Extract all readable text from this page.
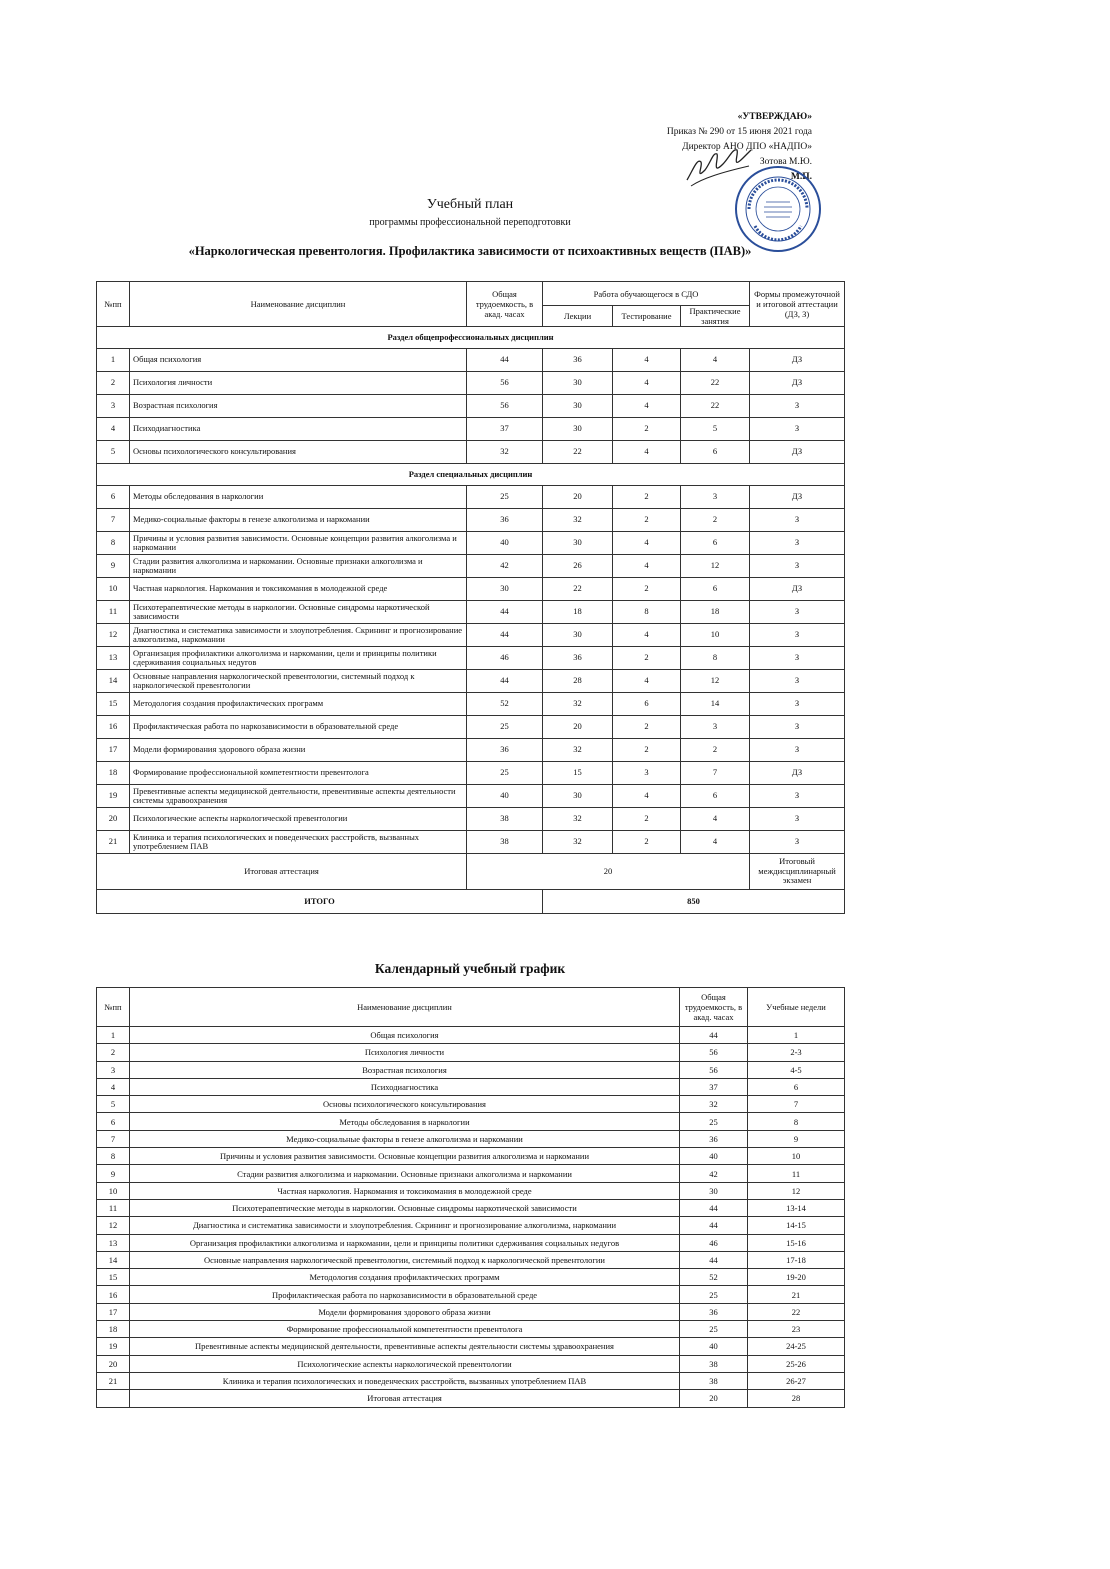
«УТВЕРЖДАЮ»
Приказ № 290 от 15 июня 2021 года
Директор АНО ДПО «НАДПО»
Зотова М.Ю.
М.П.
Учебный план
программы профессиональной переподготовки
«Наркологическая превентология. Профилактика зависимости от психоактивных веществ (ПАВ)»
№пп	Наименование дисциплин	Общая трудоемкость, в акад. часах	Работа обучающегося в СДО			Формы промежуточной и итоговой аттестации (ДЗ, З)
			Лекции	Тестирование	Практические занятия	
Раздел общепрофессиональных дисциплин						
1	Общая психология	44	36	4	4	ДЗ
2	Психология личности	56	30	4	22	ДЗ
3	Возрастная психология	56	30	4	22	З
4	Психодиагностика	37	30	2	5	З
5	Основы психологического консультирования	32	22	4	6	ДЗ
Раздел специальных дисциплин						
6	Методы обследования в наркологии	25	20	2	3	ДЗ
7	Медико-социальные факторы в генезе алкоголизма и наркомании	36	32	2	2	З
8	Причины и условия развития зависимости. Основные концепции развития алкоголизма и наркомании	40	30	4	6	З
9	Стадии развития алкоголизма и наркомании. Основные признаки алкоголизма и наркомании	42	26	4	12	З
10	Частная наркология. Наркомания и токсикомания в молодежной среде	30	22	2	6	ДЗ
11	Психотерапевтические методы в наркологии. Основные синдромы наркотической зависимости	44	18	8	18	З
12	Диагностика и систематика зависимости и злоупотребления. Скрининг и прогнозирование алкоголизма, наркомании	44	30	4	10	З
13	Организация профилактики алкоголизма и наркомании, цели и принципы политики сдерживания социальных недугов	46	36	2	8	З
14	Основные направления наркологической превентологии, системный подход к наркологической превентологии	44	28	4	12	З
15	Методология создания профилактических программ	52	32	6	14	З
16	Профилактическая работа по наркозависимости в образовательной среде	25	20	2	3	З
17	Модели формирования здорового образа жизни	36	32	2	2	З
18	Формирование профессиональной компетентности превентолога	25	15	3	7	ДЗ
19	Превентивные аспекты медицинской деятельности, превентивные аспекты деятельности системы здравоохранения	40	30	4	6	З
20	Психологические аспекты наркологической превентологии	38	32	2	4	З
21	Клиника и терапия психологических и поведенческих расстройств, вызванных употреблением ПАВ	38	32	2	4	З
Итоговая аттестация		20				Итоговый междисциплинарный экзамен
ИТОГО			850			
Календарный учебный график
№пп	Наименование дисциплин	Общая трудоемкость, в акад. часах	Учебные недели
1	Общая психология	44	1
2	Психология личности	56	2-3
3	Возрастная психология	56	4-5
4	Психодиагностика	37	6
5	Основы психологического консультирования	32	7
6	Методы обследования в наркологии	25	8
7	Медико-социальные факторы в генезе алкоголизма и наркомании	36	9
8	Причины и условия развития зависимости. Основные концепции развития алкоголизма и наркомании	40	10
9	Стадии развития алкоголизма и наркомании. Основные признаки алкоголизма и наркомании	42	11
10	Частная наркология. Наркомания и токсикомания в молодежной среде	30	12
11	Психотерапевтические методы в наркологии. Основные синдромы наркотической зависимости	44	13-14
12	Диагностика и систематика зависимости и злоупотребления. Скрининг и прогнозирование алкоголизма, наркомании	44	14-15
13	Организация профилактики алкоголизма и наркомании, цели и принципы политики сдерживания социальных недугов	46	15-16
14	Основные направления наркологической превентологии, системный подход к наркологической превентологии	44	17-18
15	Методология создания профилактических программ	52	19-20
16	Профилактическая работа по наркозависимости в образовательной среде	25	21
17	Модели формирования здорового образа жизни	36	22
18	Формирование профессиональной компетентности превентолога	25	23
19	Превентивные аспекты медицинской деятельности, превентивные аспекты деятельности системы здравоохранения	40	24-25
20	Психологические аспекты наркологической превентологии	38	25-26
21	Клиника и терапия психологических и поведенческих расстройств, вызванных употреблением ПАВ	38	26-27
	Итоговая аттестация	20	28
